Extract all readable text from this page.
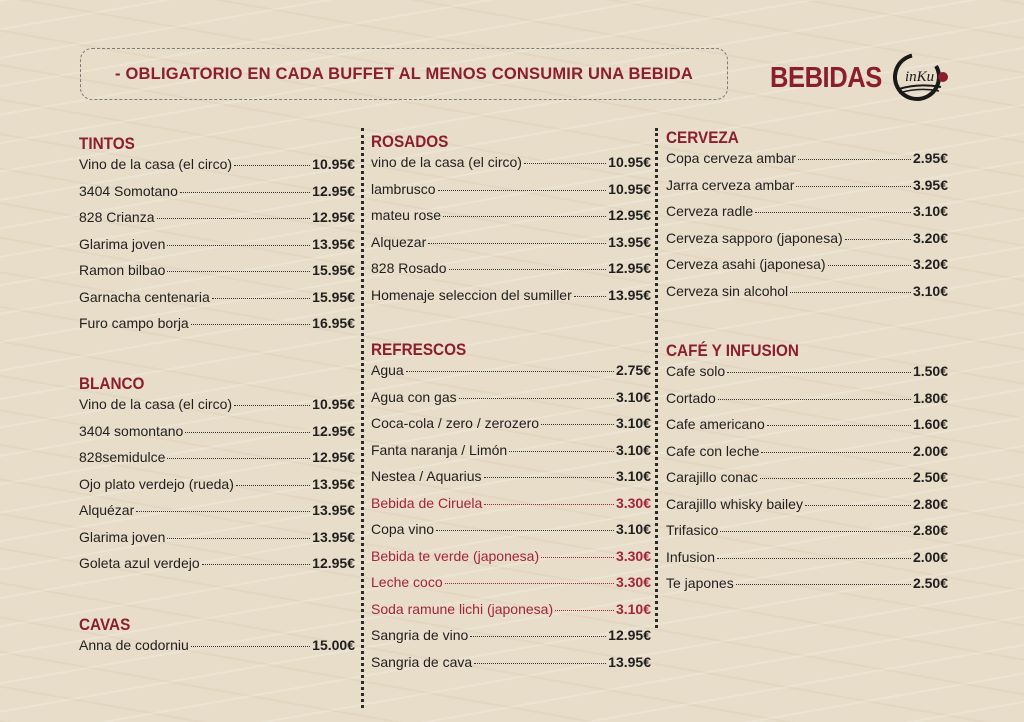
- OBLIGATORIO EN CADA BUFFET AL MENOS CONSUMIR UNA BEBIDA	BEBIDAS inKu
TINTOS
Vino de la casa (el circo)	10.95€
3404 Somotano	12.95€
828 Crianza	12.95€
Glarima joven	13.95€
Ramon bilbao	15.95€
Garnacha centenaria	15.95€
Furo campo borja	16.95€
BLANCO
Vino de la casa (el circo)	10.95€
3404 somontano	12.95€
828semidulce	12.95€
Ojo plato verdejo (rueda)	13.95€
Alquézar	13.95€
Glarima joven	13.95€
Goleta azul verdejo	12.95€
CAVAS
Anna de codorniu	15.00€
ROSADOS
vino de la casa (el circo)	10.95€
lambrusco	10.95€
mateu rose	12.95€
Alquezar	13.95€
828 Rosado	12.95€
Homenaje seleccion del sumiller	13.95€
REFRESCOS
Agua	2.75€
Agua con gas	3.10€
Coca-cola / zero / zerozero	3.10€
Fanta naranja / Limón	3.10€
Nestea / Aquarius	3.10€
Bebida de Ciruela	3.30€
Copa vino	3.10€
Bebida te verde (japonesa)	3.30€
Leche coco	3.30€
Soda ramune lichi (japonesa)	3.10€
Sangria de vino	12.95€
Sangria de cava	13.95€
CERVEZA
Copa cerveza ambar	2.95€
Jarra cerveza ambar	3.95€
Cerveza radle	3.10€
Cerveza sapporo (japonesa)	3.20€
Cerveza asahi (japonesa)	3.20€
Cerveza sin alcohol	3.10€
CAFÉ Y INFUSION
Cafe solo	1.50€
Cortado	1.80€
Cafe americano	1.60€
Cafe con leche	2.00€
Carajillo conac	2.50€
Carajillo whisky bailey	2.80€
Trifasico	2.80€
Infusion	2.00€
Te japones	2.50€
